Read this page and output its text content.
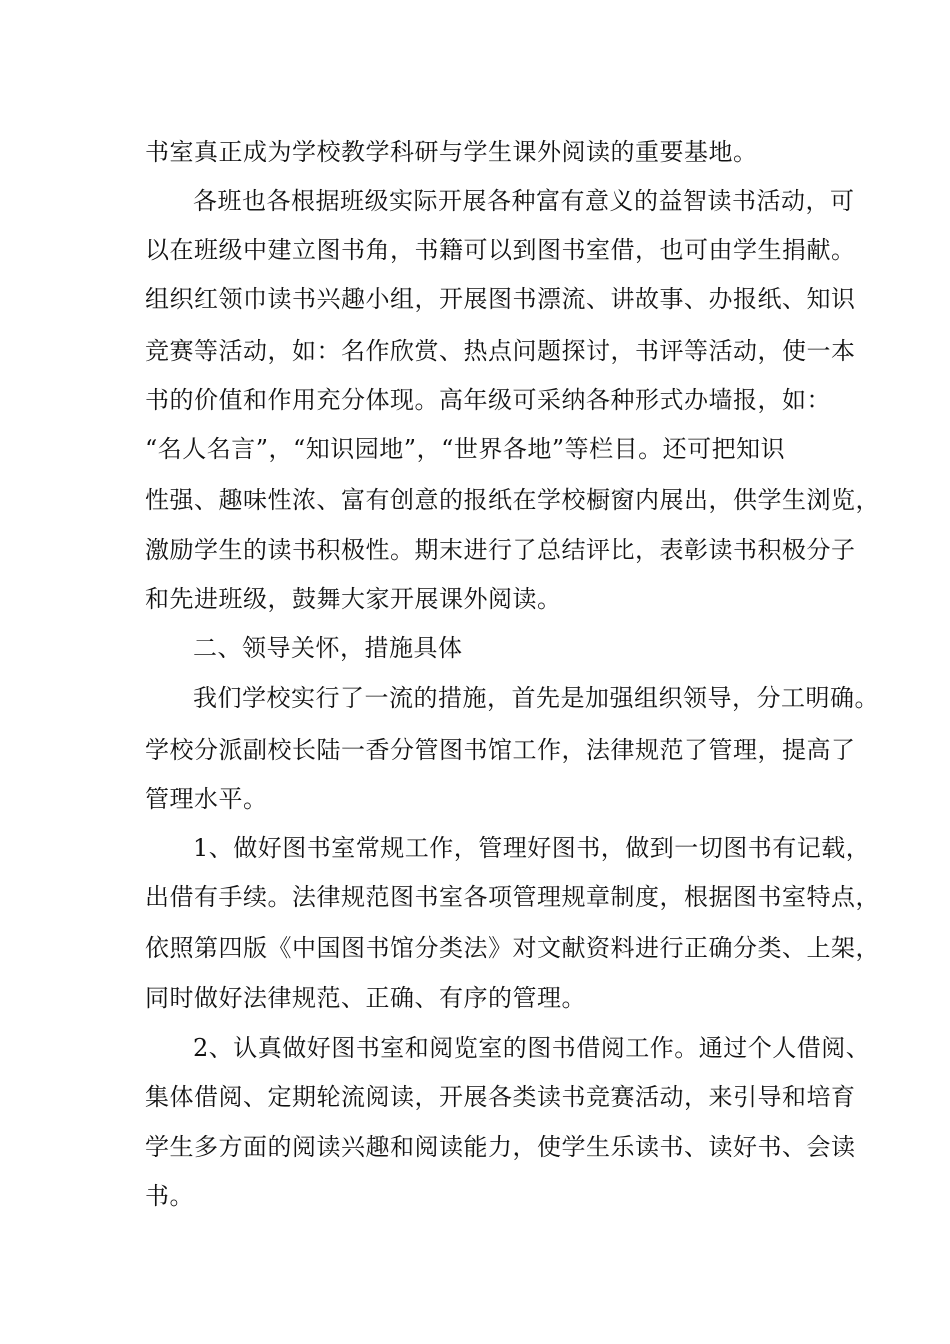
书室真正成为学校教学科研与学生课外阅读的重要基地。
各班也各根据班级实际开展各种富有意义的益智读书活动，可
以在班级中建立图书角，书籍可以到图书室借，也可由学生捐献。
组织红领巾读书兴趣小组，开展图书漂流、讲故事、办报纸、知识
竞赛等活动，如：名作欣赏、热点问题探讨，书评等活动，使一本
书的价值和作用充分体现。高年级可采纳各种形式办墙报，如：
“名人名言”，“知识园地”，“世界各地”等栏目。还可把知识
性强、趣味性浓、富有创意的报纸在学校橱窗内展出，供学生浏览，
激励学生的读书积极性。期末进行了总结评比，表彰读书积极分子
和先进班级，鼓舞大家开展课外阅读。
二、领导关怀，措施具体
我们学校实行了一流的措施，首先是加强组织领导，分工明确。
学校分派副校长陆一香分管图书馆工作，法律规范了管理，提高了
管理水平。
1、做好图书室常规工作，管理好图书，做到一切图书有记载，
出借有手续。法律规范图书室各项管理规章制度，根据图书室特点，
依照第四版《中国图书馆分类法》对文献资料进行正确分类、上架，
同时做好法律规范、正确、有序的管理。
2、认真做好图书室和阅览室的图书借阅工作。通过个人借阅、
集体借阅、定期轮流阅读，开展各类读书竞赛活动，来引导和培育
学生多方面的阅读兴趣和阅读能力，使学生乐读书、读好书、会读
书。
